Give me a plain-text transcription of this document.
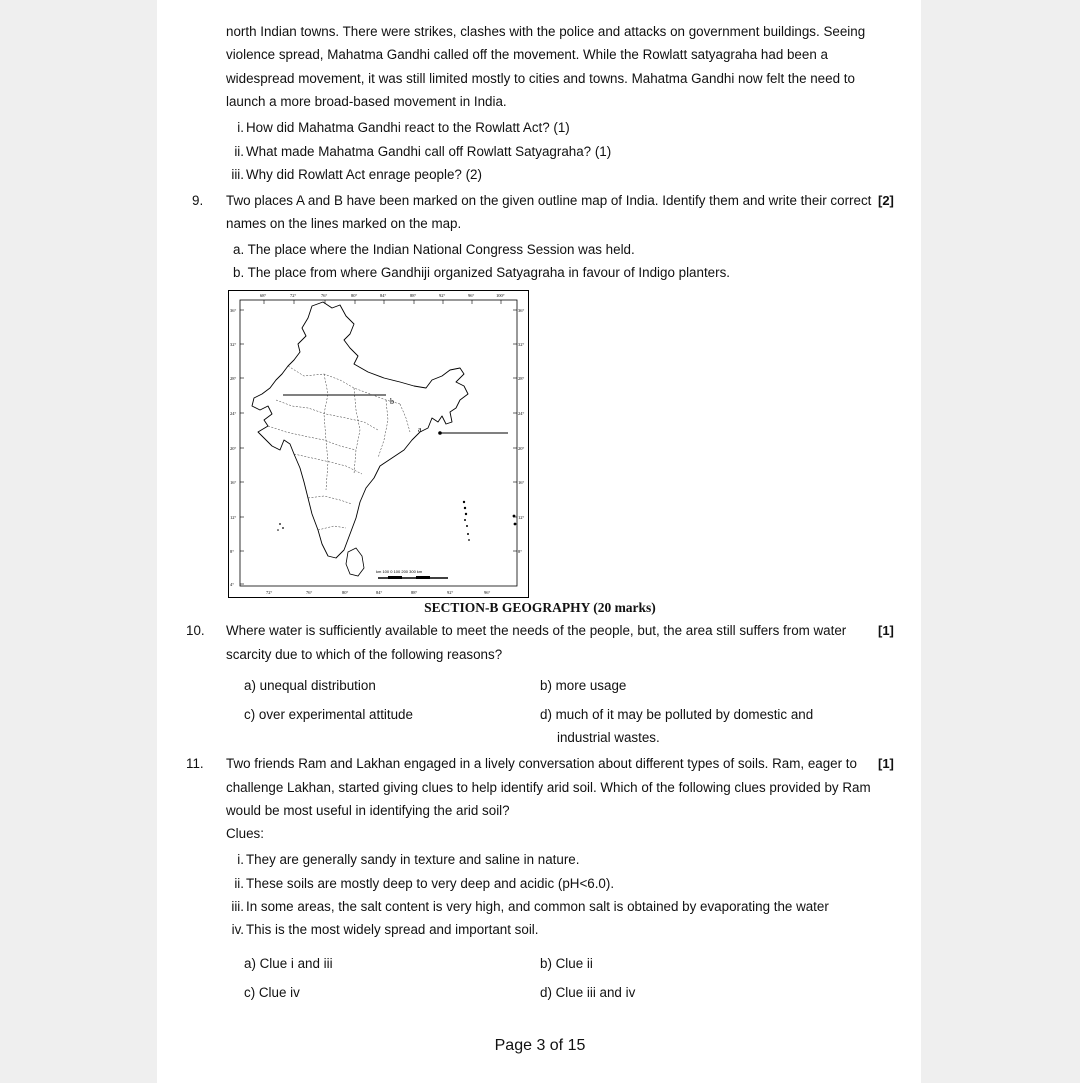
north Indian towns. There were strikes, clashes with the police and attacks on government buildings. Seeing
violence spread, Mahatma Gandhi called off the movement. While the Rowlatt satyagraha had been a
widespread movement, it was still limited mostly to cities and towns. Mahatma Gandhi now felt the need to
launch a more broad-based movement in India.
i. How did Mahatma Gandhi react to the Rowlatt Act? (1)
ii. What made Mahatma Gandhi call off Rowlatt Satyagraha? (1)
iii. Why did Rowlatt Act enrage people? (2)
9. Two places A and B have been marked on the given outline map of India. Identify them and write their correct [2]
names on the lines marked on the map.
a. The place where the Indian National Congress Session was held.
b. The place from where Gandhiji organized Satyagraha in favour of Indigo planters.
68°	72°	76°	80°	84°	88°	92°	96°	100°
72°	76°	80°	84°	88°	92°	96°
36°
32°
28°
24°
20°
16°
12°
8°
4°
36°
32°
28°
24°
20°
16°
12°
8°
b
a
km 100 0 100 200 300 km
SECTION-B GEOGRAPHY (20 marks)
10. Where water is sufficiently available to meet the needs of the people, but, the area still suffers from water [1]
scarcity due to which of the following reasons?
a) unequal distribution	b) more usage
c) over experimental attitude	d) much of it may be polluted by domestic and
industrial wastes.
11. Two friends Ram and Lakhan engaged in a lively conversation about different types of soils. Ram, eager to [1]
challenge Lakhan, started giving clues to help identify arid soil. Which of the following clues provided by Ram
would be most useful in identifying the arid soil?
Clues:
i. They are generally sandy in texture and saline in nature.
ii. These soils are mostly deep to very deep and acidic (pH<6.0).
iii. In some areas, the salt content is very high, and common salt is obtained by evaporating the water
iv. This is the most widely spread and important soil.
a) Clue i and iii	b) Clue ii
c) Clue iv	d) Clue iii and iv
Page 3 of 15
